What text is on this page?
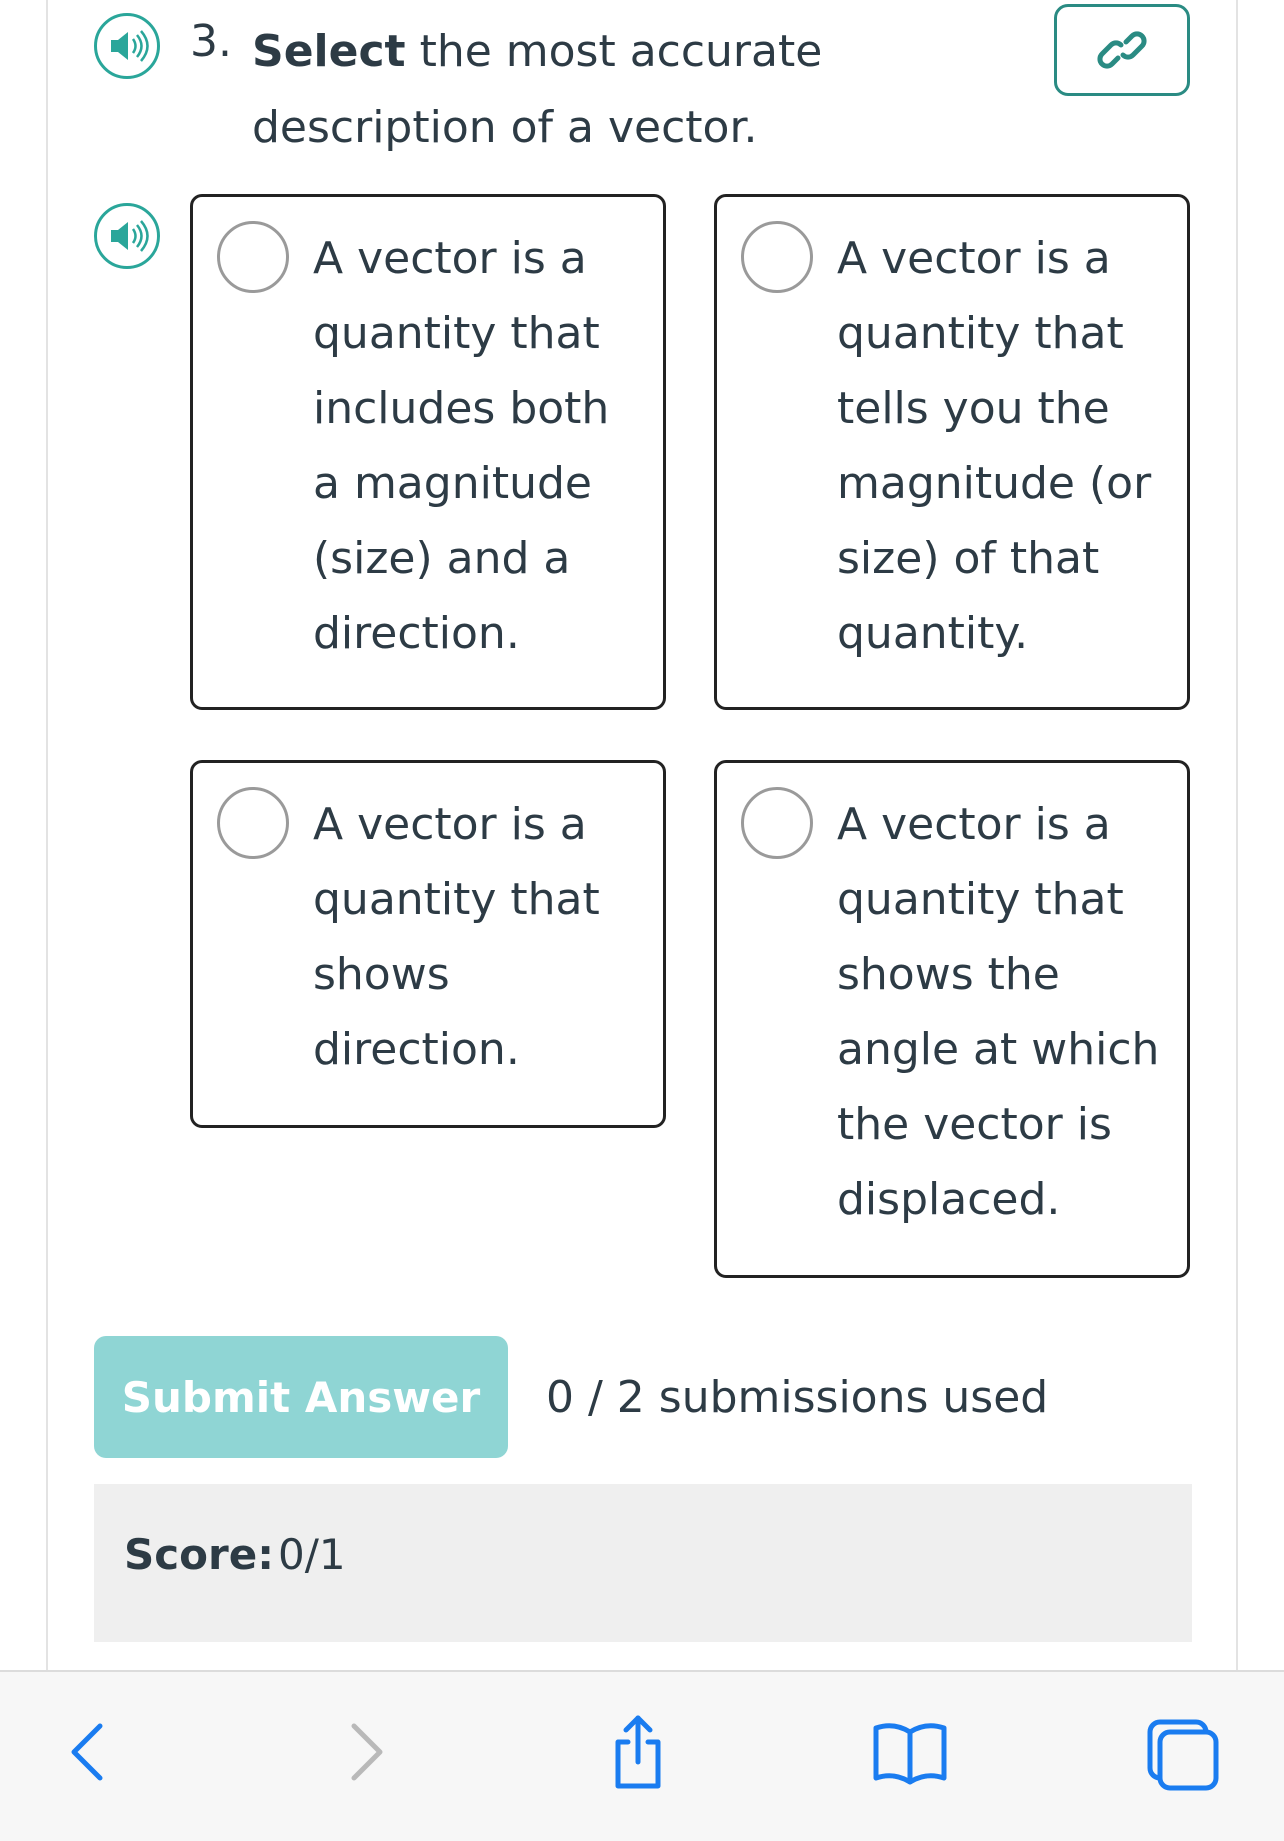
3. Select the most accurate description of a vector.

A vector is a quantity that includes both a magnitude (size) and a direction.

A vector is a quantity that tells you the magnitude (or size) of that quantity.

A vector is a quantity that shows direction.

A vector is a quantity that shows the angle at which the vector is displaced.

Submit Answer	0 / 2 submissions used
Score: 0/1
